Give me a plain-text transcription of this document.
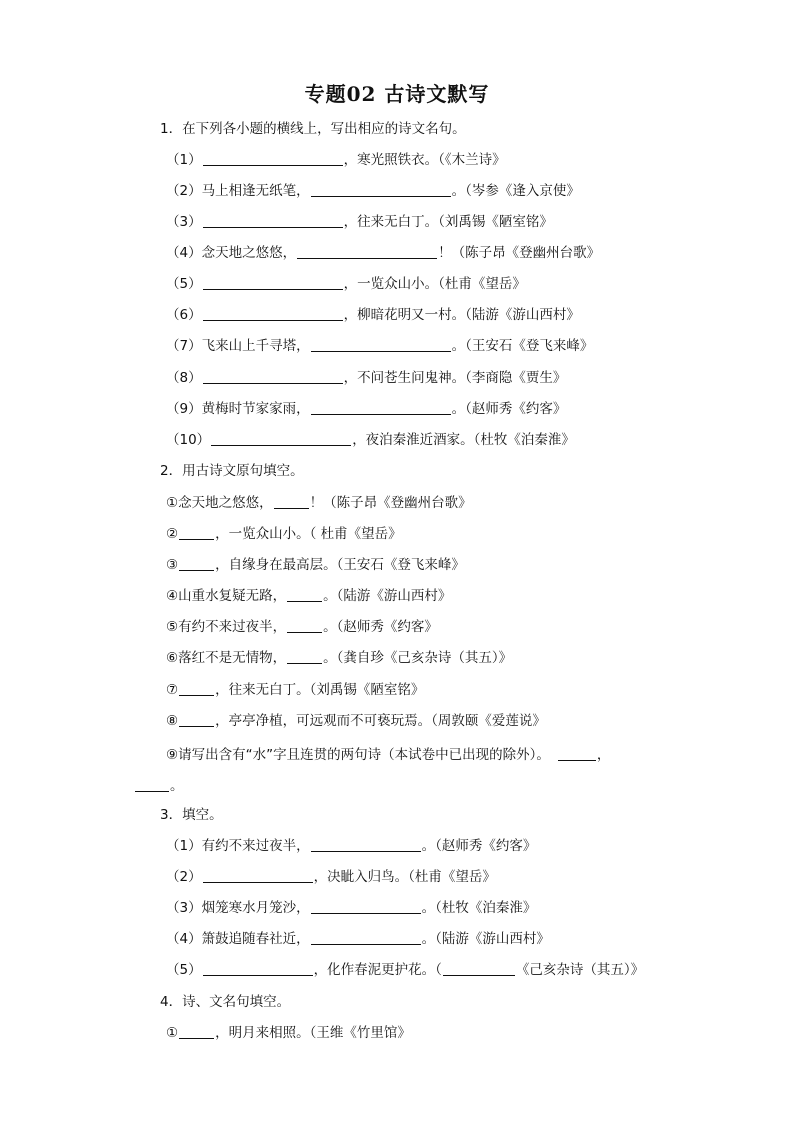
专题02 古诗文默写
1．在下列各小题的横线上，写出相应的诗文名句。
（1）	，寒光照铁衣。（《木兰诗》
（2）马上相逢无纸笔，	。（岑参《逢入京使》
（3）	，往来无白丁。（刘禹锡《陋室铭》
（4）念天地之悠悠，	！（陈子昂《登幽州台歌》
（5）	，一览众山小。（杜甫《望岳》
（6）	，柳暗花明又一村。（陆游《游山西村》
（7）飞来山上千寻塔，	。（王安石《登飞来峰》
（8）	，不问苍生问鬼神。（李商隐《贾生》
（9）黄梅时节家家雨，	。（赵师秀《约客》
（10）	，夜泊秦淮近酒家。（杜牧《泊秦淮》
2．用古诗文原句填空。
①念天地之悠悠，	！（陈子昂《登幽州台歌》
②	，一览众山小。（ 杜甫《望岳》
③	，自缘身在最高层。（王安石《登飞来峰》
④山重水复疑无路，	。（陆游《游山西村》
⑤有约不来过夜半，	。（赵师秀《约客》
⑥落红不是无情物，	。（龚自珍《己亥杂诗（其五）》
⑦	，往来无白丁。（刘禹锡《陋室铭》
⑧	，亭亭净植，可远观而不可亵玩焉。（周敦颐《爱莲说》
⑨请写出含有“水”字且连贯的两句诗（本试卷中已出现的除外）。	，
。
3．填空。
（1）有约不来过夜半，	。（赵师秀《约客》
（2）	，决眦入归鸟。（杜甫《望岳》
（3）烟笼寒水月笼沙，	。（杜牧《泊秦淮》
（4）箫鼓追随春社近，	。（陆游《游山西村》
（5）	，化作春泥更护花。（	《己亥杂诗（其五）》
4．诗、文名句填空。
①	，明月来相照。（王维《竹里馆》
